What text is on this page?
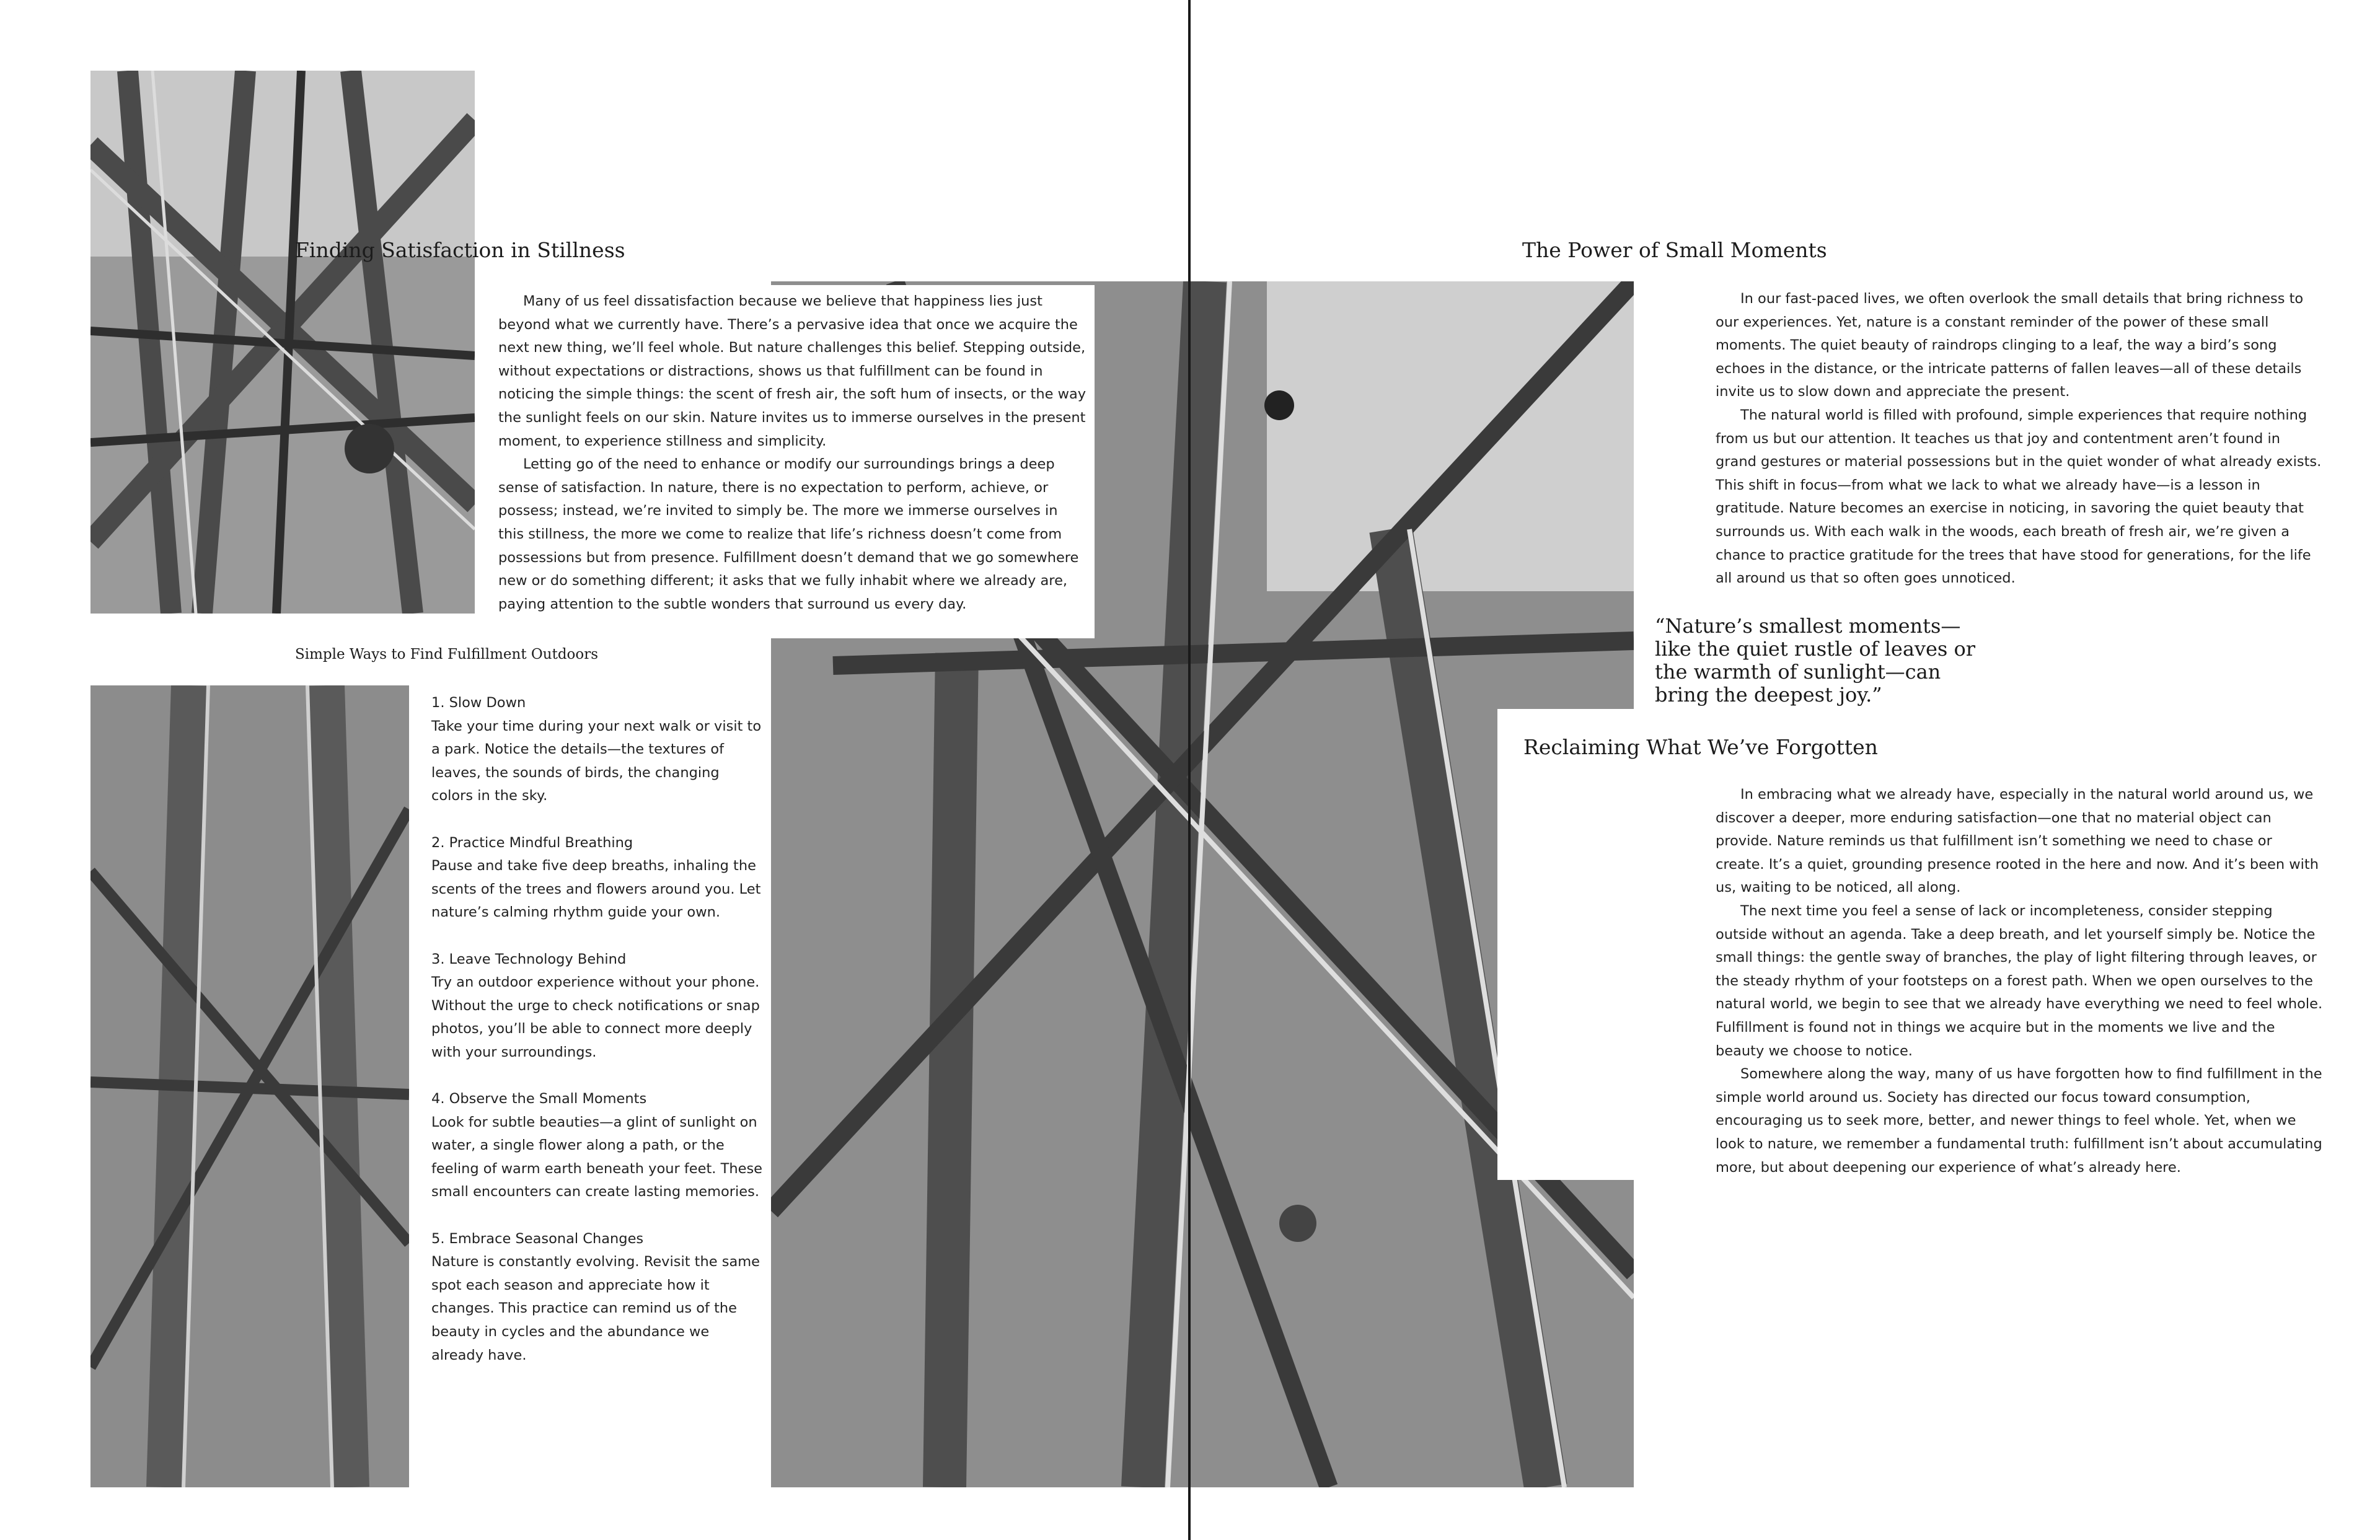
Finding Satisfaction in Stillness

Many of us feel dissatisfaction because we believe that happiness lies just beyond what we currently have. There’s a pervasive idea that once we acquire the next new thing, we’ll feel whole. But nature challenges this belief. Stepping outside, without expectations or distractions, shows us that fulfillment can be found in noticing the simple things: the scent of fresh air, the soft hum of insects, or the way the sunlight feels on our skin. Nature invites us to immerse ourselves in the present moment, to experience stillness and simplicity.

Letting go of the need to enhance or modify our surroundings brings a deep sense of satisfaction. In nature, there is no expectation to perform, achieve, or possess; instead, we’re invited to simply be. The more we immerse ourselves in this stillness, the more we come to realize that life’s richness doesn’t come from possessions but from presence. Fulfillment doesn’t demand that we go somewhere new or do something different; it asks that we fully inhabit where we already are, paying attention to the subtle wonders that surround us every day.

Simple Ways to Find Fulfillment Outdoors
1. Slow Down
Take your time during your next walk or visit to a park. Notice the details—the textures of leaves, the sounds of birds, the changing colors in the sky.
2. Practice Mindful Breathing
Pause and take five deep breaths, inhaling the scents of the trees and flowers around you. Let nature’s calming rhythm guide your own.
3. Leave Technology Behind
Try an outdoor experience without your phone. Without the urge to check notifications or snap photos, you’ll be able to connect more deeply with your surroundings.
4. Observe the Small Moments
Look for subtle beauties—a glint of sunlight on water, a single flower along a path, or the feeling of warm earth beneath your feet. These small encounters can create lasting memories.
5. Embrace Seasonal Changes
Nature is constantly evolving. Revisit the same spot each season and appreciate how it changes. This practice can remind us of the beauty in cycles and the abundance we already have.
The Power of Small Moments

In our fast-paced lives, we often overlook the small details that bring richness to our experiences. Yet, nature is a constant reminder of the power of these small moments. The quiet beauty of raindrops clinging to a leaf, the way a bird’s song echoes in the distance, or the intricate patterns of fallen leaves—all of these details invite us to slow down and appreciate the present.

The natural world is filled with profound, simple experiences that require nothing from us but our attention. It teaches us that joy and contentment aren’t found in grand gestures or material possessions but in the quiet wonder of what already exists. This shift in focus—from what we lack to what we already have—is a lesson in gratitude. Nature becomes an exercise in noticing, in savoring the quiet beauty that surrounds us. With each walk in the woods, each breath of fresh air, we’re given a chance to practice gratitude for the trees that have stood for generations, for the life all around us that so often goes unnoticed.

“Nature’s smallest moments—like the quiet rustle of leaves or the warmth of sunlight—can bring the deepest joy.”
Reclaiming What We’ve Forgotten

In embracing what we already have, especially in the natural world around us, we discover a deeper, more enduring satisfaction—one that no material object can provide. Nature reminds us that fulfillment isn’t something we need to chase or create. It’s a quiet, grounding presence rooted in the here and now. And it’s been with us, waiting to be noticed, all along.

The next time you feel a sense of lack or incompleteness, consider stepping outside without an agenda. Take a deep breath, and let yourself simply be. Notice the small things: the gentle sway of branches, the play of light filtering through leaves, or the steady rhythm of your footsteps on a forest path. When we open ourselves to the natural world, we begin to see that we already have everything we need to feel whole. Fulfillment is found not in things we acquire but in the moments we live and the beauty we choose to notice.

Somewhere along the way, many of us have forgotten how to find fulfillment in the simple world around us. Society has directed our focus toward consumption, encouraging us to seek more, better, and newer things to feel whole. Yet, when we look to nature, we remember a fundamental truth: fulfillment isn’t about accumulating more, but about deepening our experience of what’s already here.
